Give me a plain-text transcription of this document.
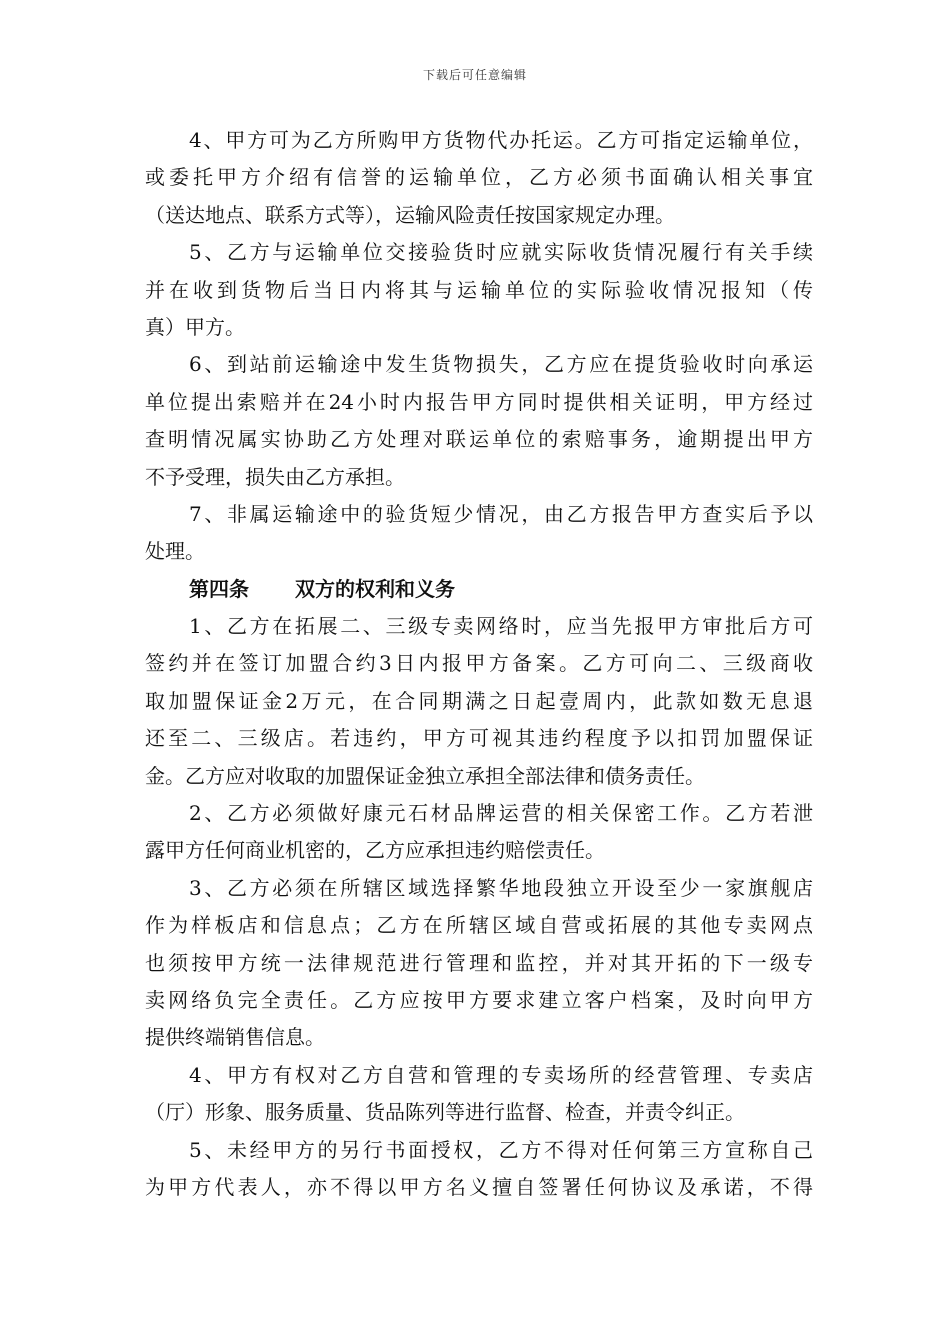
下载后可任意编辑
4、甲方可为乙方所购甲方货物代办托运。乙方可指定运输单位，
或委托甲方介绍有信誉的运输单位，乙方必须书面确认相关事宜
（送达地点、联系方式等），运输风险责任按国家规定办理。
5、乙方与运输单位交接验货时应就实际收货情况履行有关手续
并在收到货物后当日内将其与运输单位的实际验收情况报知（传
真）甲方。
6、到站前运输途中发生货物损失，乙方应在提货验收时向承运
单位提出索赔并在24小时内报告甲方同时提供相关证明，甲方经过
查明情况属实协助乙方处理对联运单位的索赔事务，逾期提出甲方
不予受理，损失由乙方承担。
7、非属运输途中的验货短少情况，由乙方报告甲方查实后予以
处理。
第四条 双方的权利和义务
1、乙方在拓展二、三级专卖网络时，应当先报甲方审批后方可
签约并在签订加盟合约3日内报甲方备案。乙方可向二、三级商收
取加盟保证金2万元，在合同期满之日起壹周内，此款如数无息退
还至二、三级店。若违约，甲方可视其违约程度予以扣罚加盟保证
金。乙方应对收取的加盟保证金独立承担全部法律和债务责任。
2、乙方必须做好康元石材品牌运营的相关保密工作。乙方若泄
露甲方任何商业机密的，乙方应承担违约赔偿责任。
3、乙方必须在所辖区域选择繁华地段独立开设至少一家旗舰店
作为样板店和信息点；乙方在所辖区域自营或拓展的其他专卖网点
也须按甲方统一法律规范进行管理和监控，并对其开拓的下一级专
卖网络负完全责任。乙方应按甲方要求建立客户档案，及时向甲方
提供终端销售信息。
4、甲方有权对乙方自营和管理的专卖场所的经营管理、专卖店
（厅）形象、服务质量、货品陈列等进行监督、检查，并责令纠正。
5、未经甲方的另行书面授权，乙方不得对任何第三方宣称自己
为甲方代表人，亦不得以甲方名义擅自签署任何协议及承诺，不得
